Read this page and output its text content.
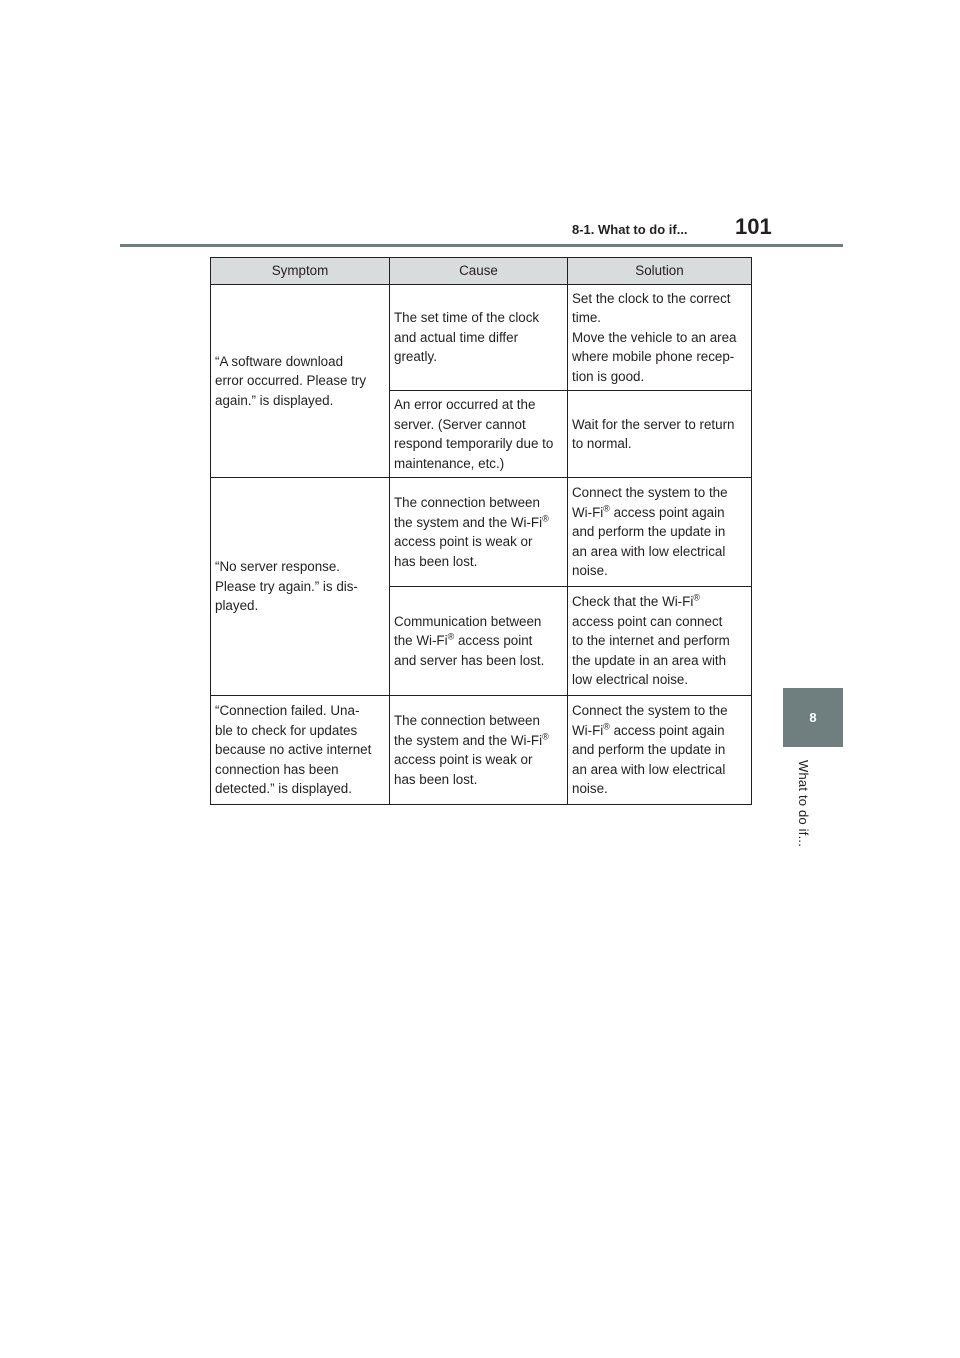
8-1. What to do if... 101
8
What to do if...
Symptom	Cause	Solution
“A software download
error occurred. Please try
again.” is displayed.	The set time of the clock
and actual time differ
greatly.	Set the clock to the correct
time.
Move the vehicle to an area
where mobile phone recep-
tion is good.
	An error occurred at the
server. (Server cannot
respond temporarily due to
maintenance, etc.)	Wait for the server to return
to normal.
“No server response.
Please try again.” is dis-
played.	The connection between
the system and the Wi-Fi®
access point is weak or
has been lost.	Connect the system to the
Wi-Fi® access point again
and perform the update in
an area with low electrical
noise.
	Communication between
the Wi-Fi® access point
and server has been lost.	Check that the Wi-Fi®
access point can connect
to the internet and perform
the update in an area with
low electrical noise.
“Connection failed. Una-
ble to check for updates
because no active internet
connection has been
detected.” is displayed.	The connection between
the system and the Wi-Fi®
access point is weak or
has been lost.	Connect the system to the
Wi-Fi® access point again
and perform the update in
an area with low electrical
noise.
